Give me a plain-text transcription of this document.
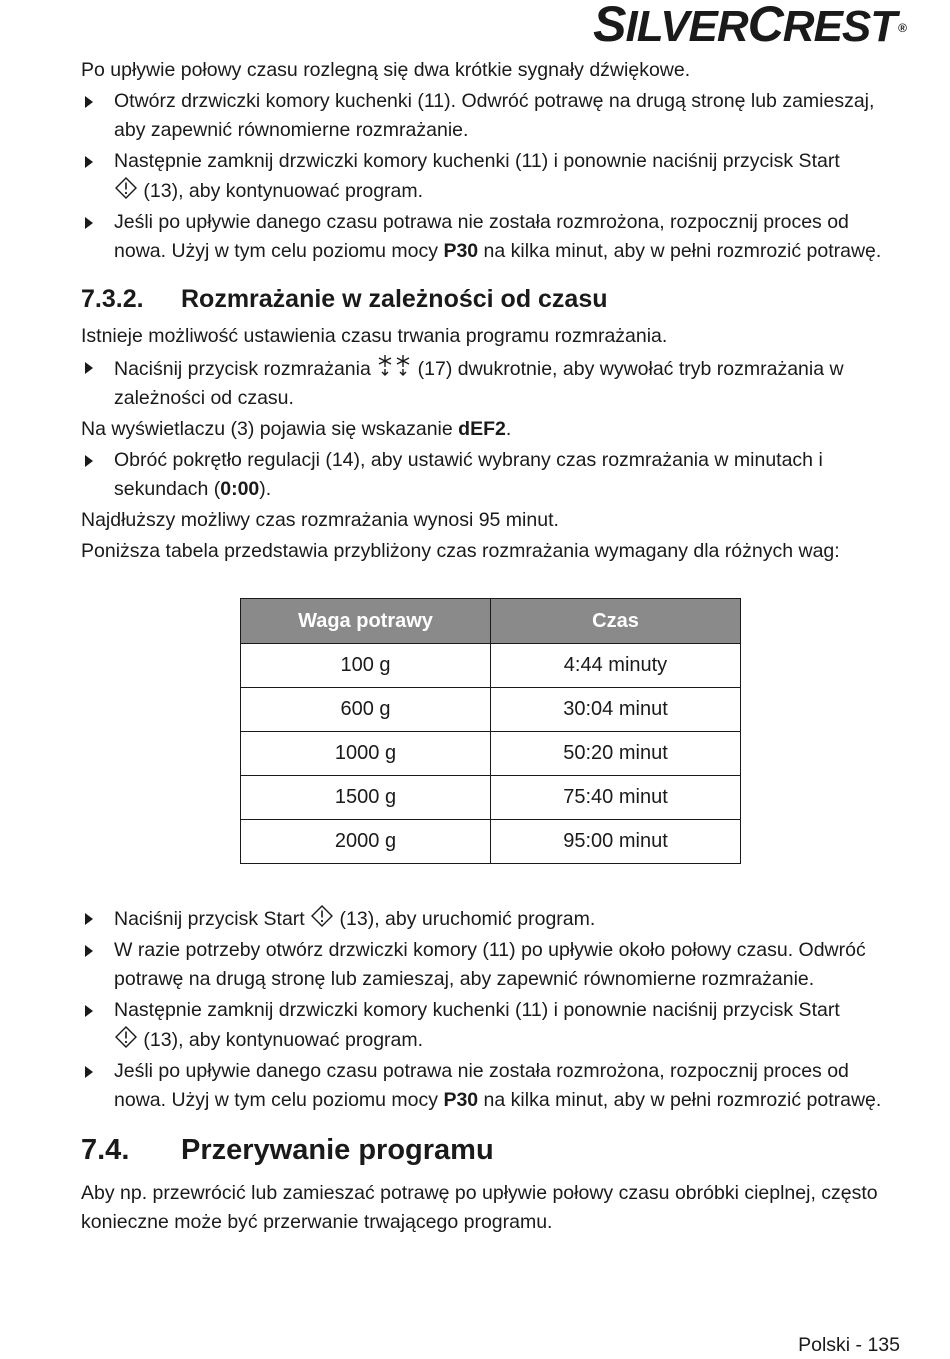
SILVERCREST ®

Po upływie połowy czasu rozlegną się dwa krótkie sygnały dźwiękowe.

Otwórz drzwiczki komory kuchenki (11). Odwróć potrawę na drugą stronę lub zamieszaj, aby zapewnić równomierne rozmrażanie.
Następnie zamknij drzwiczki komory kuchenki (11) i ponownie naciśnij przycisk Start
(13), aby kontynuować program.
Jeśli po upływie danego czasu potrawa nie została rozmrożona, rozpocznij proces od nowa. Użyj w tym celu poziomu mocy P30 na kilka minut, aby w pełni rozmrozić potrawę.
7.3.2. Rozmrażanie w zależności od czasu

Istnieje możliwość ustawienia czasu trwania programu rozmrażania.

Naciśnij przycisk rozmrażania  (17) dwukrotnie, aby wywołać tryb rozmrażania w zależności od czasu.

Na wyświetlaczu (3) pojawia się wskazanie dEF2.

Obróć pokrętło regulacji (14), aby ustawić wybrany czas rozmrażania w minutach i sekundach (0:00).

Najdłuższy możliwy czas rozmrażania wynosi 95 minut.

Poniższa tabela przedstawia przybliżony czas rozmrażania wymagany dla różnych wag:

Waga potrawy	Czas
100 g	4:44 minuty
600 g	30:04 minut
1000 g	50:20 minut
1500 g	75:40 minut
2000 g	95:00 minut
Naciśnij przycisk Start  (13), aby uruchomić program.
W razie potrzeby otwórz drzwiczki komory (11) po upływie około połowy czasu. Odwróć potrawę na drugą stronę lub zamieszaj, aby zapewnić równomierne rozmrażanie.
Następnie zamknij drzwiczki komory kuchenki (11) i ponownie naciśnij przycisk Start
(13), aby kontynuować program.
Jeśli po upływie danego czasu potrawa nie została rozmrożona, rozpocznij proces od nowa. Użyj w tym celu poziomu mocy P30 na kilka minut, aby w pełni rozmrozić potrawę.
7.4. Przerywanie programu

Aby np. przewrócić lub zamieszać potrawę po upływie połowy czasu obróbki cieplnej, często konieczne może być przerwanie trwającego programu.

Polski - 135
